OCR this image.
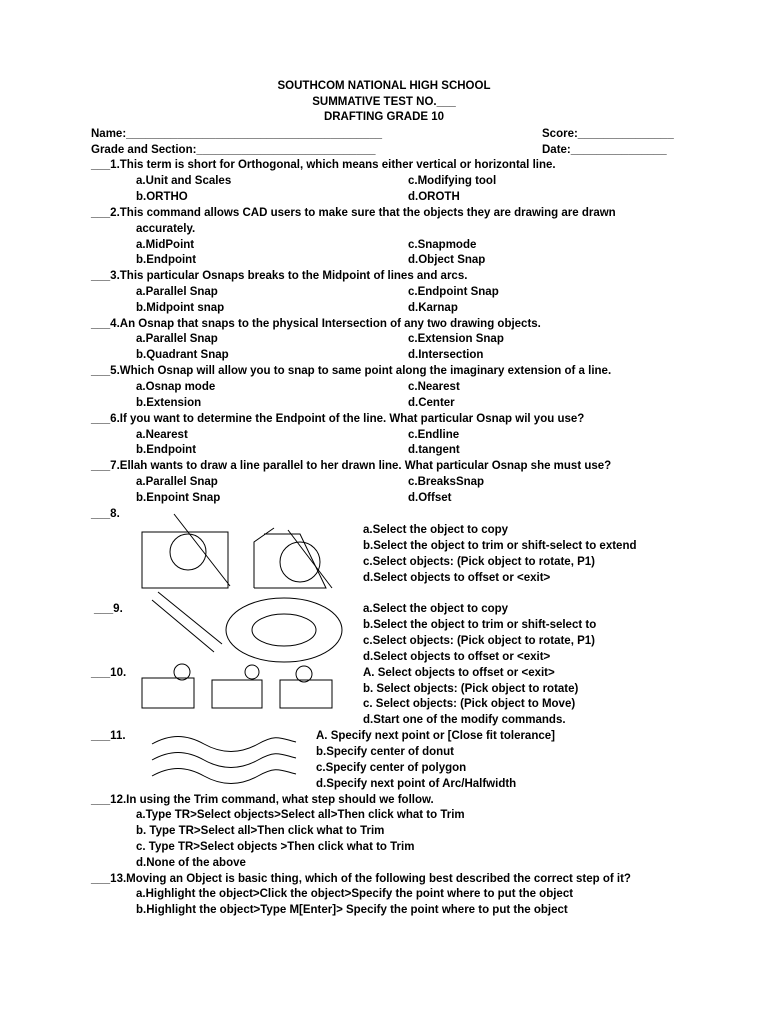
SOUTHCOM NATIONAL HIGH SCHOOL
SUMMATIVE TEST NO.___
DRAFTING GRADE 10
Name:________________________________________	Score:_______________
Grade and Section:____________________________	Date:_______________
___1.This term is short for Orthogonal, which means either vertical or horizontal line.
a.Unit and Scales	c.Modifying tool
b.ORTHO	d.OROTH
___2.This command allows CAD users to make sure that the objects they are drawing are drawn
accurately.
a.MidPoint	c.Snapmode
b.Endpoint	d.Object Snap
___3.This particular Osnaps breaks to the Midpoint of lines and arcs.
a.Parallel Snap	c.Endpoint Snap
b.Midpoint snap	d.Karnap
___4.An Osnap that snaps to the physical Intersection of any two drawing objects.
a.Parallel Snap	c.Extension Snap
b.Quadrant Snap	d.Intersection
___5.Which Osnap will allow you to snap to same point along the imaginary extension of a line.
a.Osnap mode	c.Nearest
b.Extension	d.Center
___6.If you want to determine the Endpoint of the line. What particular Osnap wil you use?
a.Nearest	c.Endline
b.Endpoint	d.tangent
___7.Ellah wants to draw a line parallel to her drawn line. What particular Osnap she must use?
a.Parallel Snap	c.BreaksSnap
b.Enpoint Snap	d.Offset
___8.
a.Select the object to copy
b.Select the object to trim or shift-select to extend
c.Select objects: (Pick object to rotate, P1)
d.Select objects to offset or <exit>
___9.	a.Select the object to copy
b.Select the object to trim or shift-select to
c.Select objects: (Pick object to rotate, P1)
d.Select objects to offset or <exit>
___10.	A. Select objects to offset or <exit>
b. Select objects: (Pick object to rotate)
c. Select objects: (Pick object to Move)
d.Start one of the modify commands.
___11.	A. Specify next point or [Close fit tolerance]
b.Specify center of donut
c.Specify center of polygon
d.Specify next point of Arc/Halfwidth
___12.In using the Trim command, what step should we follow.
a.Type TR>Select objects>Select all>Then click what to Trim
b. Type TR>Select all>Then click what to Trim
c. Type TR>Select objects >Then click what to Trim
d.None of the above
___13.Moving an Object is basic thing, which of the following best described the correct step of it?
a.Highlight the object>Click the object>Specify the point where to put the object
b.Highlight the object>Type M[Enter]> Specify the point where to put the object
